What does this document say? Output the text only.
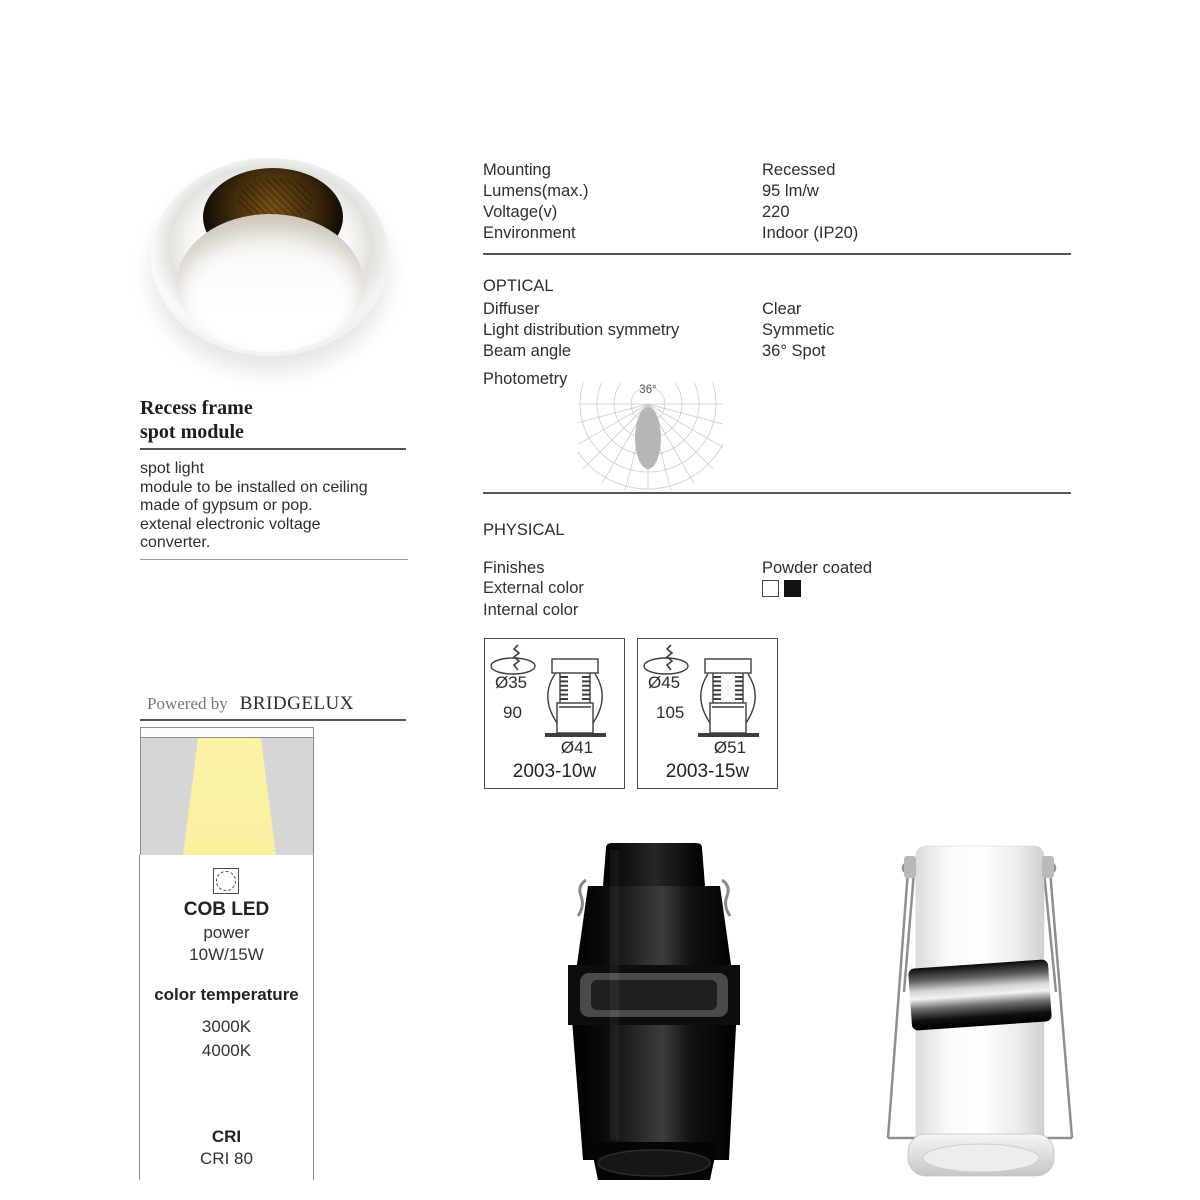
Recess frame
spot module
spot light
module to be installed on ceiling
made of gypsum or pop.
extenal electronic voltage
converter.
Powered by BRIDGELUX
COB LED
power
10W/15W
color temperature
3000K
4000K
CRI
CRI 80
Mounting	Recessed
Lumens(max.)	95 lm/w
Voltage(v)	220
Environment	Indoor (IP20)
OPTICAL
Diffuser	Clear
Light distribution symmetry	Symmetic
Beam angle	36° Spot
Photometry
36°
PHYSICAL
Finishes	Powder coated
External color
Internal color
Ø35
90
Ø41
2003-10w
Ø45
105
Ø51
2003-15w
